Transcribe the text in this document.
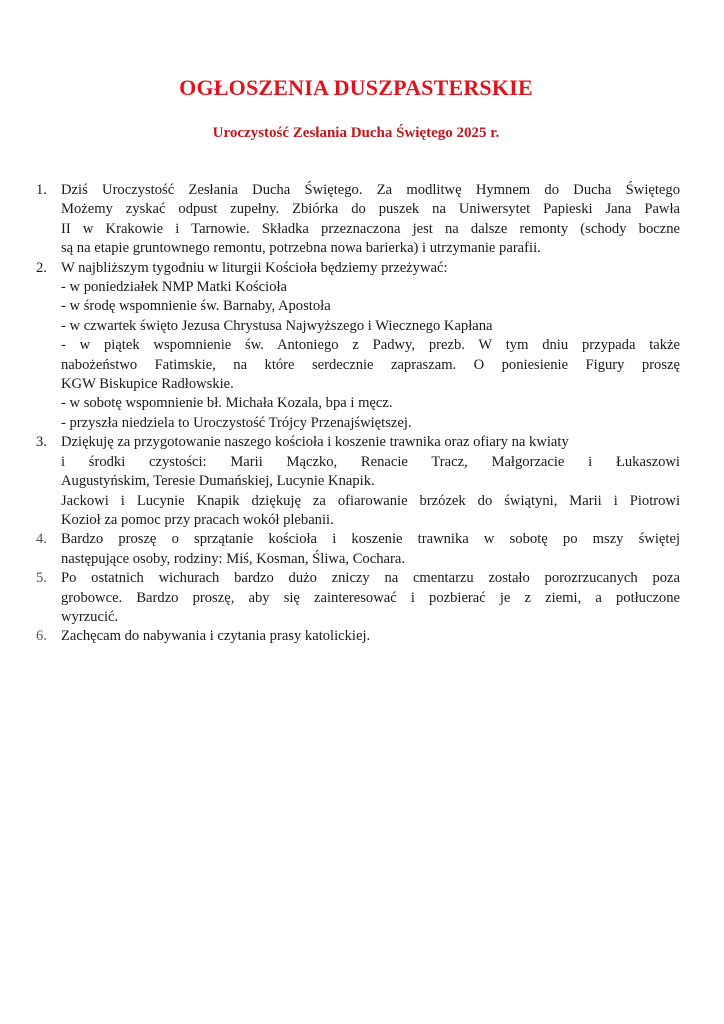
OGŁOSZENIA DUSZPASTERSKIE
Uroczystość Zesłania Ducha Świętego 2025 r.
1. Dziś Uroczystość Zesłania Ducha Świętego. Za modlitwę Hymnem do Ducha Świętego
Możemy zyskać odpust zupełny. Zbiórka do puszek na Uniwersytet Papieski Jana Pawła
II w Krakowie i Tarnowie. Składka przeznaczona jest na dalsze remonty (schody boczne
są na etapie gruntownego remontu, potrzebna nowa barierka) i utrzymanie parafii.
2. W najbliższym tygodniu w liturgii Kościoła będziemy przeżywać:
- w poniedziałek NMP Matki Kościoła
- w środę wspomnienie św. Barnaby, Apostoła
- w czwartek święto Jezusa Chrystusa Najwyższego i Wiecznego Kapłana
- w piątek wspomnienie św. Antoniego z Padwy, prezb. W tym dniu przypada także
nabożeństwo Fatimskie, na które serdecznie zapraszam. O poniesienie Figury proszę
KGW Biskupice Radłowskie.
- w sobotę wspomnienie bł. Michała Kozala, bpa i męcz.
- przyszła niedziela to Uroczystość Trójcy Przenajświętszej.
3. Dziękuję za przygotowanie naszego kościoła i koszenie trawnika oraz ofiary na kwiaty
i środki czystości: Marii Mączko, Renacie Tracz, Małgorzacie i Łukaszowi
Augustyńskim, Teresie Dumańskiej, Lucynie Knapik.
Jackowi i Lucynie Knapik dziękuję za ofiarowanie brzózek do świątyni, Marii i Piotrowi
Kozioł za pomoc przy pracach wokół plebanii.
4. Bardzo proszę o sprzątanie kościoła i koszenie trawnika w sobotę po mszy świętej
następujące osoby, rodziny: Miś, Kosman, Śliwa, Cochara.
5. Po ostatnich wichurach bardzo dużo zniczy na cmentarzu zostało porozrzucanych poza
grobowce. Bardzo proszę, aby się zainteresować i pozbierać je z ziemi, a potłuczone
wyrzucić.
6. Zachęcam do nabywania i czytania prasy katolickiej.
